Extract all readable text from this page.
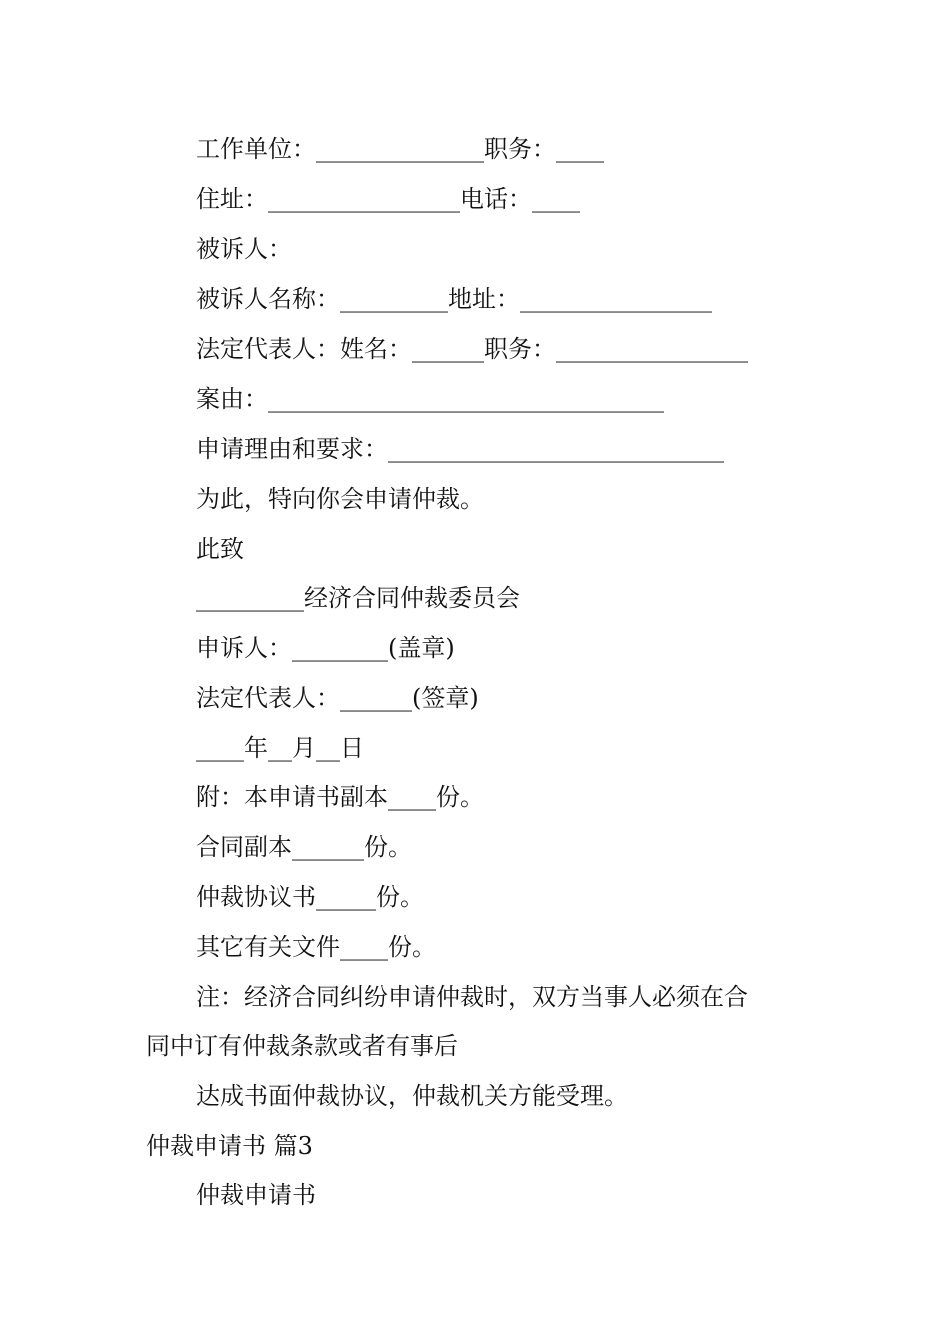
工作单位：______________职务：____
住址：________________电话：____
被诉人：
被诉人名称：_________地址：________________
法定代表人：姓名：______职务：________________
案由：_________________________________
申请理由和要求：____________________________
为此，特向你会申请仲裁。
此致
_________经济合同仲裁委员会
申诉人：________(盖章)
法定代表人：______(签章)
____年__月__日
附：本申请书副本____份。
合同副本______份。
仲裁协议书_____份。
其它有关文件____份。
注：经济合同纠纷申请仲裁时，双方当事人必须在合
同中订有仲裁条款或者有事后
达成书面仲裁协议，仲裁机关方能受理。
仲裁申请书 篇3
仲裁申请书
